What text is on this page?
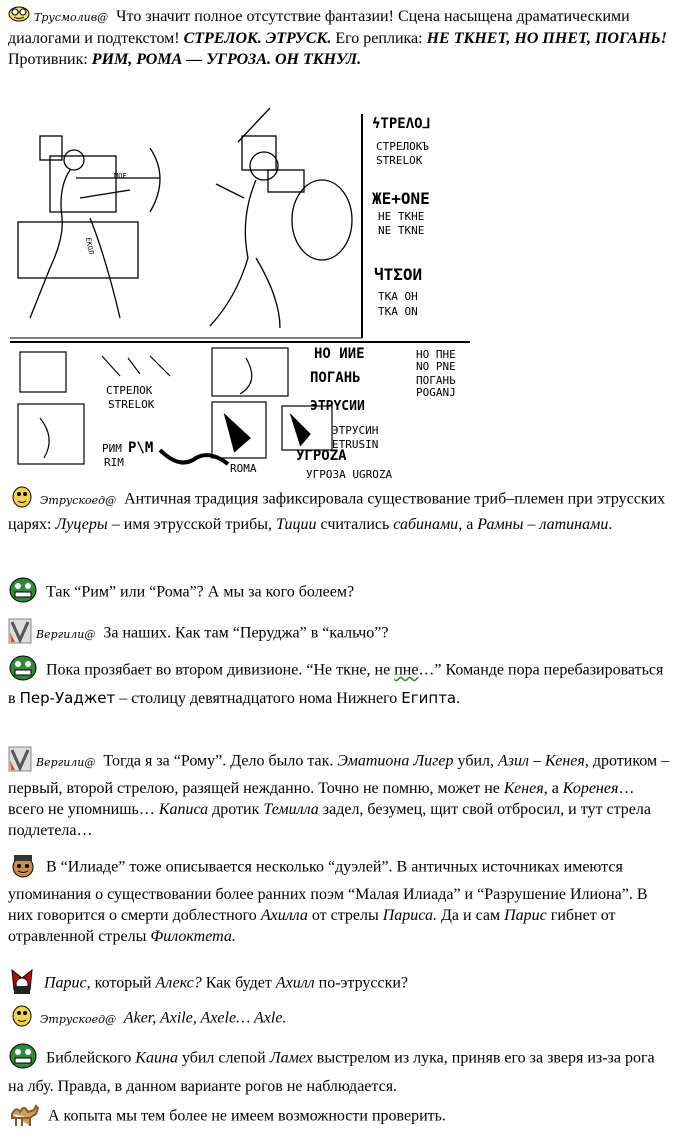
Трусмолив@ Что значит полное отсутствие фантазии! Сцена насыщена драматическими диалогами и подтекстом! СТРЕЛОК. ЭТРУСК. Его реплика: НЕ ТКНЕТ, НО ПНЕТ, ПОГАНЬ! Противник: РИМ, РОМА — УГРОЗА. ОН ТКНУЛ.
MOE
ЕКОЛ
ϟTPEΛO⅃
СТРЕЛОКЪ
STRELOK
ЖE+ONE
НЕ ТКНЕ
NE TKNE
ЧTΣOИ
ТКА ОН
TKA ON
HO ИИЕ
ПOГAHЬ
ЭTPYCИИ
УГPOZA
P\M
НО ПНЕ
NO PNE
ПОГАНЬ
POGANJ
СТРЕЛОК
STRELOK
РИМ
RIM	ROMA
ЭТРУСИН
ETRUSIN
УГРОЗА UGROZA
Этрускоед@ Античная традиция зафиксировала существование триб–племен при этрусских царях: Луцеры – имя этрусской трибы, Тиции считались сабинами, а Рамны – латинами.
Так “Рим” или “Рома”? А мы за кого болеем?
Вергили@ За наших. Как там “Перуджа” в “кальчо”?
Пока прозябает во втором дивизионе. “Не ткне, не пне…” Команде пора перебазироваться в Пер-Уаджет – столицу девятнадцатого нома Нижнего Египта.
Вергили@ Тогда я за “Рому”. Дело было так. Эматиона Лигер убил, Азил – Кенея, дротиком – первый, второй стрелою, разящей нежданно. Точно не помню, может не Кенея, а Коренея… всего не упомнишь… Каписа дротик Темилла задел, безумец, щит свой отбросил, и тут стрела подлетела…
В “Илиаде” тоже описывается несколько “дуэлей”. В античных источниках имеются упоминания о существовании более ранних поэм “Малая Илиада” и “Разрушение Илиона”. В них говорится о смерти доблестного Ахилла от стрелы Париса. Да и сам Парис гибнет от отравленной стрелы Филоктета.
Парис, который Алекс? Как будет Ахилл по-этрусски?
Этрускоед@ Aker, Axile, Axele… Axle.
Библейского Каина убил слепой Ламех выстрелом из лука, приняв его за зверя из-за рога на лбу. Правда, в данном варианте рогов не наблюдается.
А копыта мы тем более не имеем возможности проверить.
